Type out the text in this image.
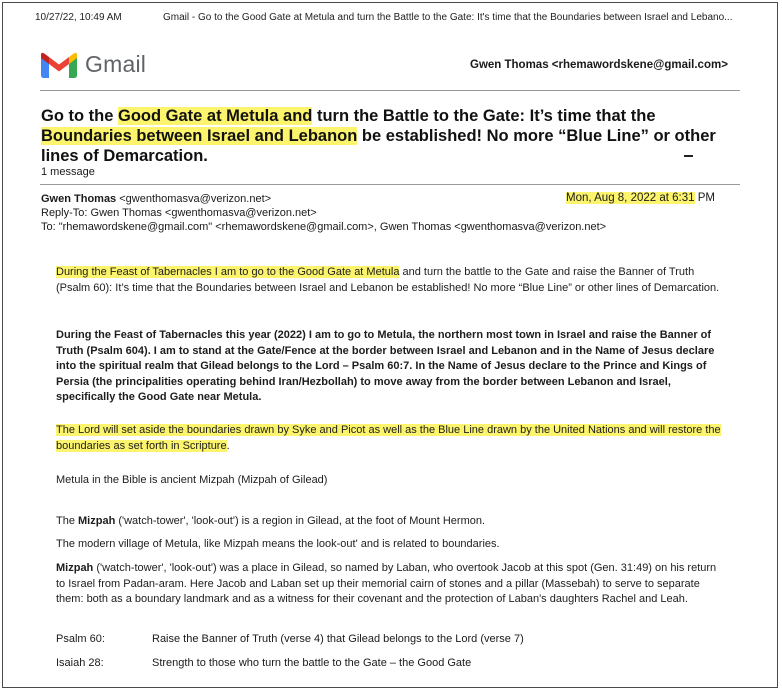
10/27/22, 10:49 AM	Gmail - Go to the Good Gate at Metula and turn the Battle to the Gate: It's time that the Boundaries between Israel and Lebano...
Gmail	Gwen Thomas <rhemawordskene@gmail.com>
Go to the Good Gate at Metula and turn the Battle to the Gate: It’s time that the Boundaries between Israel and Lebanon be established! No more “Blue Line” or other lines of Demarcation.
1 message
Gwen Thomas <gwenthomasva@verizon.net>	Mon, Aug 8, 2022 at 6:31 PM
Reply-To: Gwen Thomas <gwenthomasva@verizon.net>
To: "rhemawordskene@gmail.com" <rhemawordskene@gmail.com>, Gwen Thomas <gwenthomasva@verizon.net>
During the Feast of Tabernacles I am to go to the Good Gate at Metula and turn the battle to the Gate and raise the Banner of Truth (Psalm 60): It’s time that the Boundaries between Israel and Lebanon be established! No more “Blue Line” or other lines of Demarcation.
During the Feast of Tabernacles this year (2022) I am to go to Metula, the northern most town in Israel and raise the Banner of Truth (Psalm 604). I am to stand at the Gate/Fence at the border between Israel and Lebanon and in the Name of Jesus declare into the spiritual realm that Gilead belongs to the Lord – Psalm 60:7. In the Name of Jesus declare to the Prince and Kings of Persia (the principalities operating behind Iran/Hezbollah) to move away from the border between Lebanon and Israel, specifically the Good Gate near Metula.
The Lord will set aside the boundaries drawn by Syke and Picot as well as the Blue Line drawn by the United Nations and will restore the boundaries as set forth in Scripture.
Metula in the Bible is ancient Mizpah (Mizpah of Gilead)
The Mizpah ('watch-tower', 'look-out') is a region in Gilead, at the foot of Mount Hermon.
The modern village of Metula, like Mizpah means the look-out' and is related to boundaries.
Mizpah ('watch-tower', 'look-out') was a place in Gilead, so named by Laban, who overtook Jacob at this spot (Gen. 31:49) on his return to Israel from Padan-aram. Here Jacob and Laban set up their memorial cairn of stones and a pillar (Massebah) to serve to separate them: both as a boundary landmark and as a witness for their covenant and the protection of Laban's daughters Rachel and Leah.
Psalm 60:	Raise the Banner of Truth (verse 4) that Gilead belongs to the Lord (verse 7)
Isaiah 28:	Strength to those who turn the battle to the Gate – the Good Gate
